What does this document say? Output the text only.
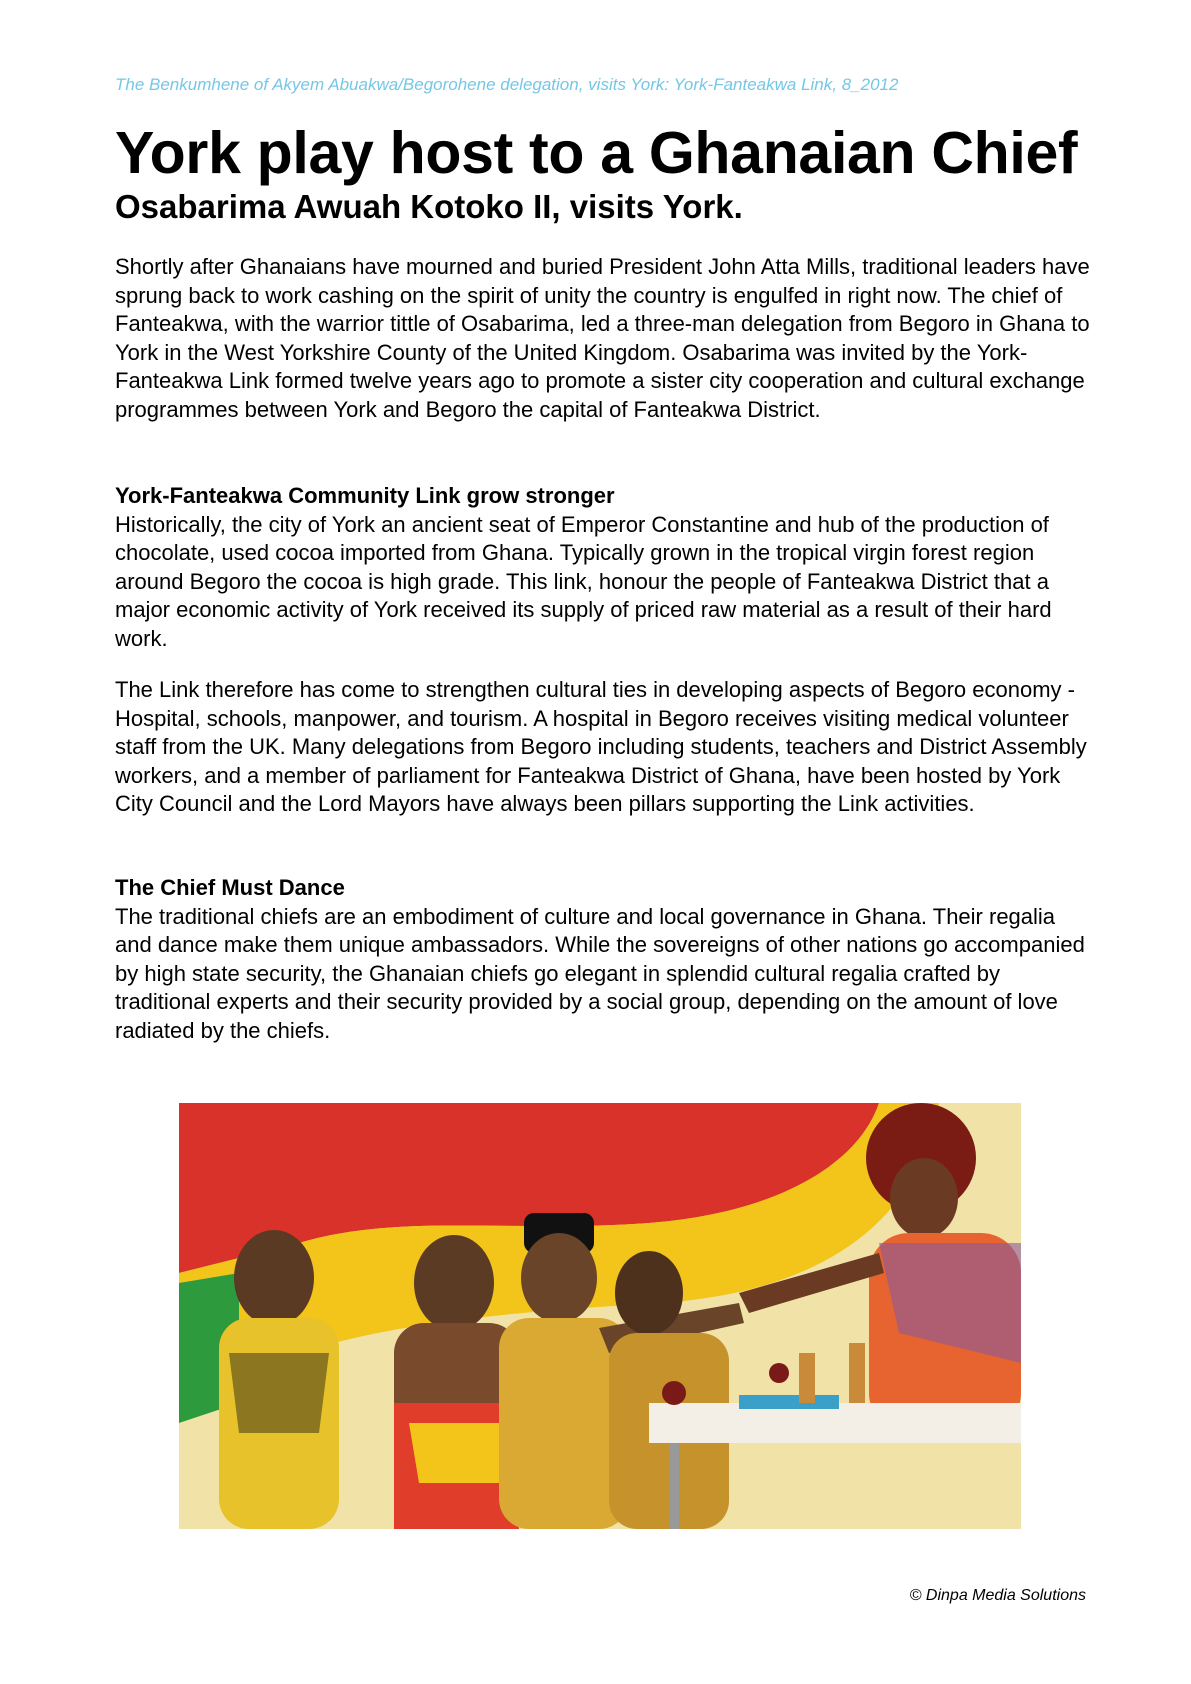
The Benkumhene of Akyem Abuakwa/Begorohene delegation, visits York: York-Fanteakwa Link, 8_2012
York play host to a Ghanaian Chief
Osabarima Awuah Kotoko II, visits York.

Shortly after Ghanaians have mourned and buried President John Atta Mills, traditional leaders have sprung back to work cashing on the spirit of unity the country is engulfed in right now. The chief of Fanteakwa, with the warrior tittle of Osabarima, led a three-man delegation from Begoro in Ghana to York in the West Yorkshire County of the United Kingdom. Osabarima was invited by the York-Fanteakwa Link formed twelve years ago to promote a sister city cooperation and cultural exchange programmes between York and Begoro the capital of Fanteakwa District.

York-Fanteakwa Community Link grow stronger
Historically, the city of York an ancient seat of Emperor Constantine and hub of the production of chocolate, used cocoa imported from Ghana. Typically grown in the tropical virgin forest region around Begoro the cocoa is high grade. This link, honour the people of Fanteakwa District that a major economic activity of York received its supply of priced raw material as a result of their hard work.

The Link therefore has come to strengthen cultural ties in developing aspects of Begoro economy - Hospital, schools, manpower, and tourism. A hospital in Begoro receives visiting medical volunteer staff from the UK. Many delegations from Begoro including students, teachers and District Assembly workers, and a member of parliament for Fanteakwa District of Ghana, have been hosted by York City Council and the Lord Mayors have always been pillars supporting the Link activities.

The Chief Must Dance
The traditional chiefs are an embodiment of culture and local governance in Ghana. Their regalia and dance make them unique ambassadors. While the sovereigns of other nations go accompanied by high state security, the Ghanaian chiefs go elegant in splendid cultural regalia crafted by traditional experts and their security provided by a social group, depending on the amount of love radiated by the chiefs.
© Dinpa Media Solutions
